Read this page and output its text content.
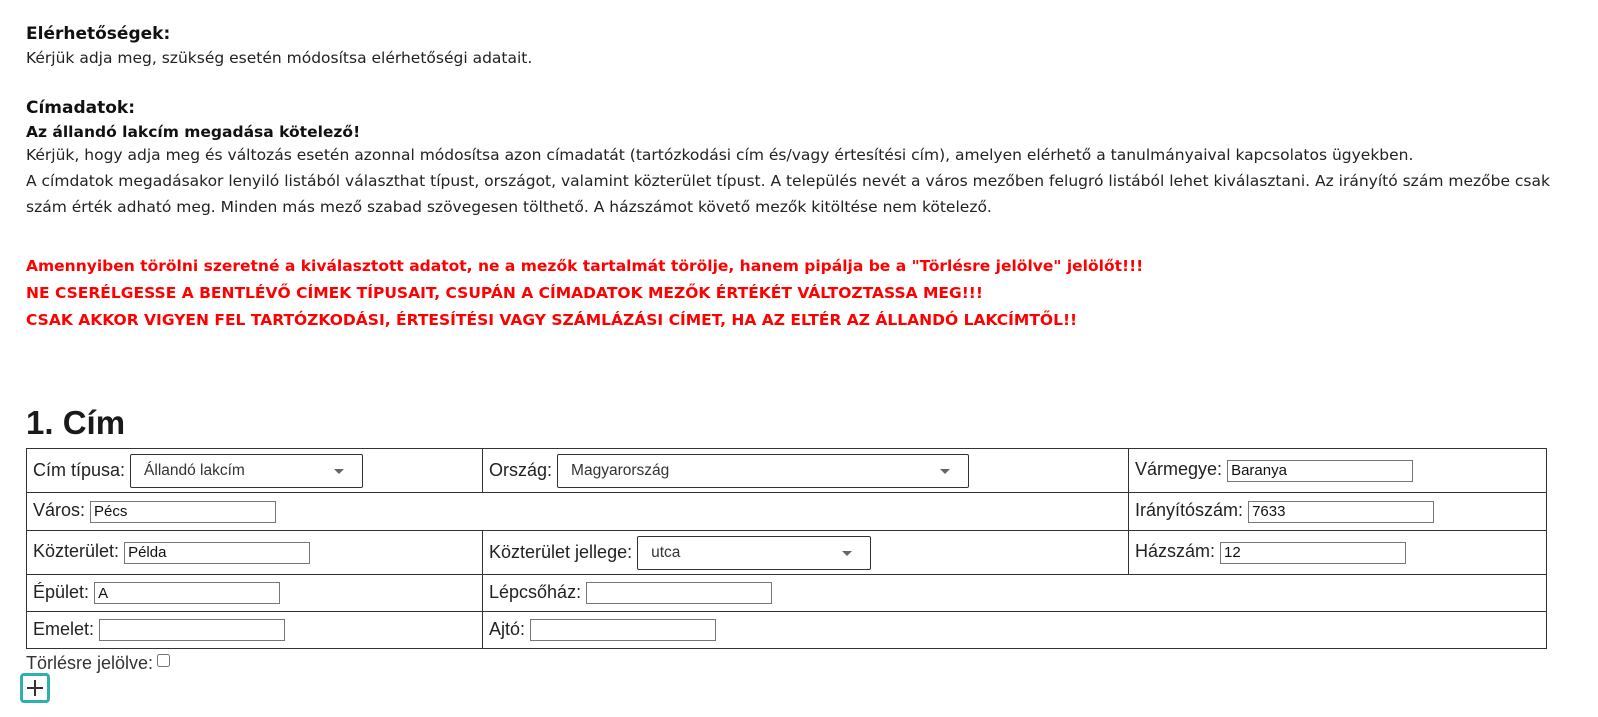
Elérhetőségek:
Kérjük adja meg, szükség esetén módosítsa elérhetőségi adatait.
Címadatok:
Az állandó lakcím megadása kötelező!
Kérjük, hogy adja meg és változás esetén azonnal módosítsa azon címadatát (tartózkodási cím és/vagy értesítési cím), amelyen elérhető a tanulmányaival kapcsolatos ügyekben.
A címdatok megadásakor lenyiló listából választhat típust, országot, valamint közterület típust. A település nevét a város mezőben felugró listából lehet kiválasztani. Az irányító szám mezőbe csak szám érték adható meg. Minden más mező szabad szövegesen tölthető. A házszámot követő mezők kitöltése nem kötelező.
Amennyiben törölni szeretné a kiválasztott adatot, ne a mezők tartalmát törölje, hanem pipálja be a "Törlésre jelölve" jelölőt!!!
NE CSERÉLGESSE A BENTLÉVŐ CÍMEK TÍPUSAIT, CSUPÁN A CÍMADATOK MEZŐK ÉRTÉKÉT VÁLTOZTASSA MEG!!!
CSAK AKKOR VIGYEN FEL TARTÓZKODÁSI, ÉRTESÍTÉSI VAGY SZÁMLÁZÁSI CÍMET, HA AZ ELTÉR AZ ÁLLANDÓ LAKCÍMTŐL!!
1. Cím
Cím típusa: Állandó lakcím	Ország: Magyarország	Vármegye: Baranya
Város: Pécs		Irányítószám: 7633
Közterület: Példa	Közterület jellege: utca	Házszám: 12
Épület: A	Lépcsőház:	
Emelet:	Ajtó:	
Törlésre jelölve:
